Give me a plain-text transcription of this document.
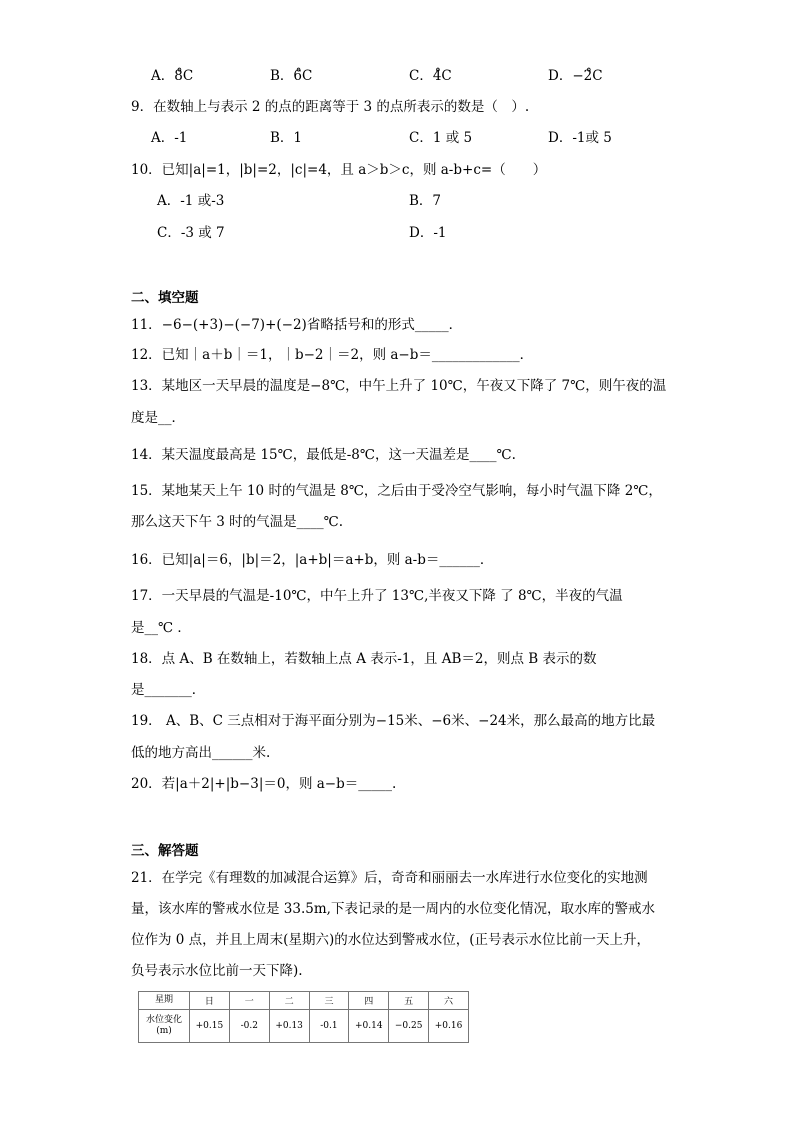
A．8̊C	B．6̊C	C．4̊C	D．−2̊C
9．在数轴上与表示 2 的点的距离等于 3 的点所表示的数是（　）.
A．-1	B．1	C．1 或 5	D．-1或 5
10．已知|a|=1，|b|=2，|c|=4，且 a＞b＞c，则 a-b+c=（　　）
A．-1 或-3	B．7
C．-3 或 7	D．-1
二、填空题
11．−6−(+3)−(−7)+(−2)省略括号和的形式_____．
12．已知｜a＋b｜＝1，｜b−2｜＝2，则 a−b＝_____________．
13．某地区一天早晨的温度是−8℃，中午上升了 10℃，午夜又下降了 7℃，则午夜的温
度是__．
14．某天温度最高是 15℃，最低是-8℃，这一天温差是____℃.
15．某地某天上午 10 时的气温是 8℃，之后由于受冷空气影响，每小时气温下降 2℃，
那么这天下午 3 时的气温是____℃.
16．已知|a|＝6，|b|＝2，|a+b|＝a+b，则 a-b＝______．
17．一天早晨的气温是-10℃，中午上升了 13℃,半夜又下降 了 8℃，半夜的气温
是__℃ ．
18．点 A、B 在数轴上，若数轴上点 A 表示-1，且 AB＝2，则点 B 表示的数
是_______．
19． A、B、C 三点相对于海平面分别为−15米、−6米、−24米，那么最高的地方比最
低的地方高出______米.
20．若|a＋2|+|b−3|＝0，则 a−b＝_____.
三、解答题
21．在学完《有理数的加减混合运算》后，奇奇和丽丽去一水库进行水位变化的实地测
量，该水库的警戒水位是 33.5m,下表记录的是一周内的水位变化情况，取水库的警戒水
位作为 0 点，并且上周末(星期六)的水位达到警戒水位，(正号表示水位比前一天上升，
负号表示水位比前一天下降).
星期	日	一	二	三	四	五	六
水位变化
(m)	+0.15	-0.2	+0.13	-0.1	+0.14	−0.25	+0.16
